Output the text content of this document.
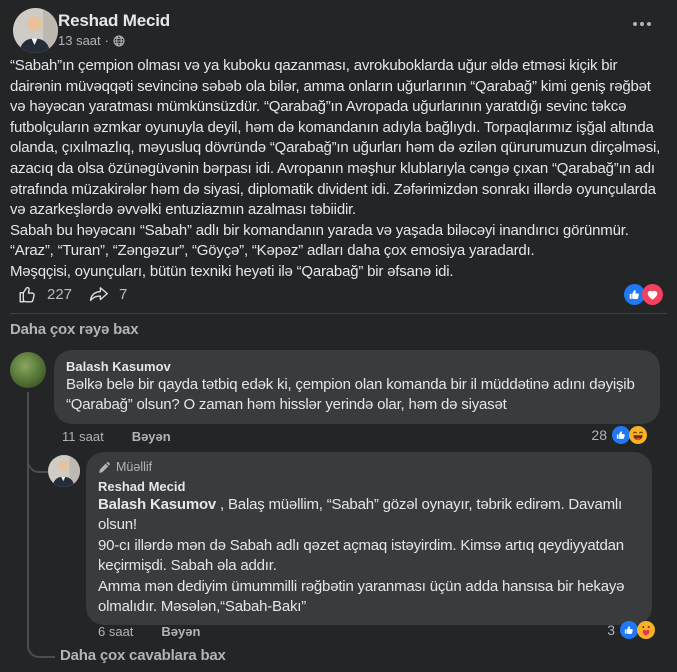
Reshad Mecid
13 saat ·

“Sabah”ın çempion olması və ya kuboku qazanması, avrokuboklarda uğur əldə etməsi kiçik bir dairənin müvəqqəti sevincinə səbəb ola bilər, amma onların uğurlarının “Qarabağ” kimi geniş rəğbət və həyəcan yaratması mümkünsüzdür. “Qarabağ”ın Avropada uğurlarının yaratdığı sevinc təkcə futbolçuların əzmkar oyunuyla deyil, həm də komandanın adıyla bağlıydı. Torpaqlarımız işğal altında olanda, çıxılmazlıq, məyusluq dövründə “Qarabağ”ın uğurları həm də əzilən qürurumuzun dirçəlməsi, azacıq da olsa özünəgüvənin bərpası idi. Avropanın məşhur klublarıyla cəngə çıxan “Qarabağ”ın adı ətrafında müzakirələr həm də siyasi, diplomatik divident idi. Zəfərimizdən sonrakı illərdə oyunçularda və azarkeşlərdə əvvəlki entuziazmın azalması təbiidir.

Sabah bu həyəcanı “Sabah” adlı bir komandanın yarada və yaşada biləcəyi inandırıcı görünmür.

“Araz”, “Turan”, “Zəngəzur”, “Göyçə”, “Kəpəz” adları daha çox emosiya yaradardı.

Məşqçisi, oyunçuları, bütün texniki heyəti ilə “Qarabağ” bir əfsanə idi.

227	7
Daha çox rəyə bax
Balash Kasumov
Bəlkə belə bir qayda tətbiq edək ki, çempion olan komanda bir il müddətinə adını dəyişib “Qarabağ” olsun? O zaman həm hisslər yerində olar, həm də siyasət
11 saat Bəyən	28
Müəllif
Reshad Mecid

Balash Kasumov , Balaş müəllim, “Sabah” gözəl oynayır, təbrik edirəm. Davamlı olsun!

90-cı illərdə mən də Sabah adlı qəzet açmaq istəyirdim. Kimsə artıq qeydiyyatdan keçirmişdi. Sabah əla addır.

Amma mən dediyim ümummilli rəğbətin yaranması üçün adda hansısa bir hekayə olmalıdır. Məsələn,“Sabah-Bakı”

6 saat Bəyən	3
Daha çox cavablara bax
